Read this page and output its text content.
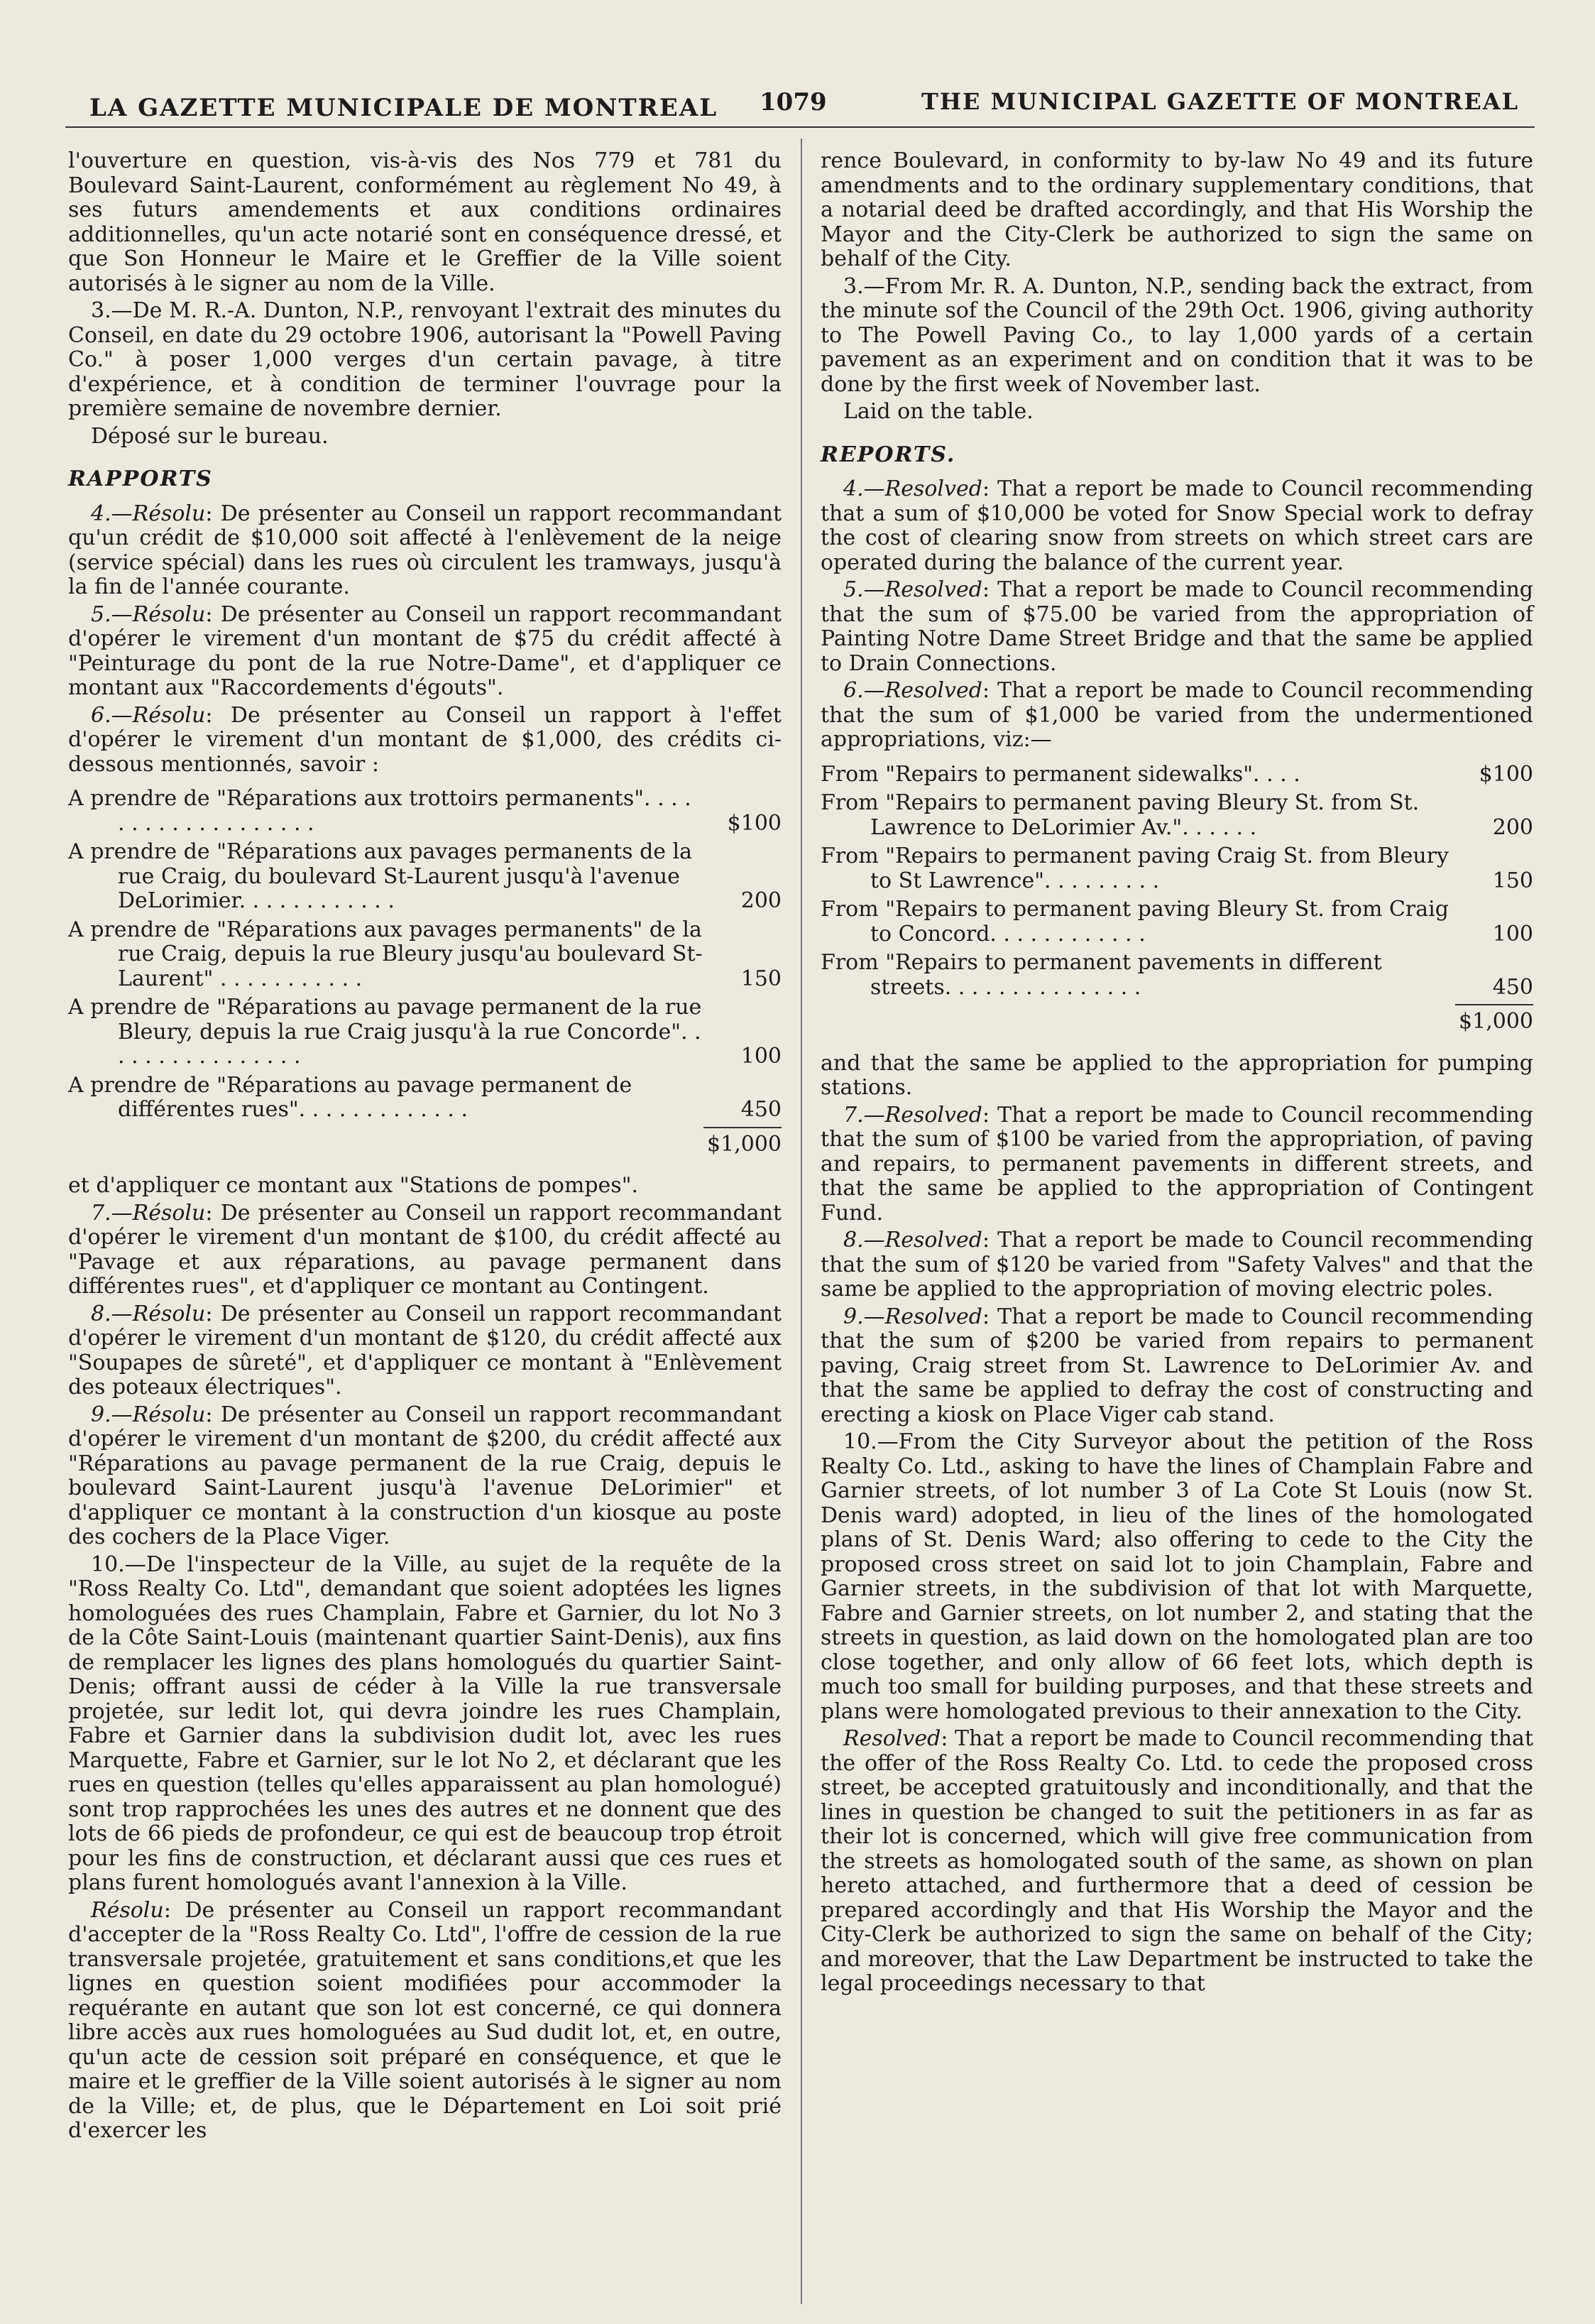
LA GAZETTE MUNICIPALE DE MONTREAL 1079	THE MUNICIPAL GAZETTE OF MONTREAL

l'ouverture en question, vis-à-vis des Nos 779 et 781 du Boulevard Saint-Laurent, conformément au règlement No 49, à ses futurs amendements et aux conditions ordinaires additionnelles, qu'un acte notarié sont en conséquence dressé, et que Son Honneur le Maire et le Greffier de la Ville soient autorisés à le signer au nom de la Ville.

3.—De M. R.-A. Dunton, N.P., renvoyant l'extrait des minutes du Conseil, en date du 29 octobre 1906, autorisant la "Powell Paving Co." à poser 1,000 verges d'un certain pavage, à titre d'expérience, et à condition de terminer l'ouvrage pour la première semaine de novembre dernier.

Déposé sur le bureau.

RAPPORTS

4.—Résolu: De présenter au Conseil un rapport recommandant qu'un crédit de $10,000 soit affecté à l'enlèvement de la neige (service spécial) dans les rues où circulent les tramways, jusqu'à la fin de l'année courante.

5.—Résolu: De présenter au Conseil un rapport recommandant d'opérer le virement d'un montant de $75 du crédit affecté à "Peinturage du pont de la rue Notre-Dame", et d'appliquer ce montant aux "Raccordements d'égouts".

6.—Résolu: De présenter au Conseil un rapport à l'effet d'opérer le virement d'un montant de $1,000, des crédits ci-dessous mentionnés, savoir :

A prendre de "Réparations aux trottoirs permanents". . . . . . . . . . . . . . . . . . .	$100
A prendre de "Réparations aux pavages permanents de la rue Craig, du boulevard St-Laurent jusqu'à l'avenue DeLorimier. . . . . . . . . . . .	200
A prendre de "Réparations aux pavages permanents" de la rue Craig, depuis la rue Bleury jusqu'au boulevard St-Laurent" . . . . . . . . . . .	150
A prendre de "Réparations au pavage permanent de la rue Bleury, depuis la rue Craig jusqu'à la rue Concorde". . . . . . . . . . . . . . . .	100
A prendre de "Réparations au pavage permanent de différentes rues". . . . . . . . . . . . .	450
$1,000

et d'appliquer ce montant aux "Stations de pompes".

7.—Résolu: De présenter au Conseil un rapport recommandant d'opérer le virement d'un montant de $100, du crédit affecté au "Pavage et aux réparations, au pavage permanent dans différentes rues", et d'appliquer ce montant au Contingent.

8.—Résolu: De présenter au Conseil un rapport recommandant d'opérer le virement d'un montant de $120, du crédit affecté aux "Soupapes de sûreté", et d'appliquer ce montant à "Enlèvement des poteaux électriques".

9.—Résolu: De présenter au Conseil un rapport recommandant d'opérer le virement d'un montant de $200, du crédit affecté aux "Réparations au pavage permanent de la rue Craig, depuis le boulevard Saint-Laurent jusqu'à l'avenue DeLorimier" et d'appliquer ce montant à la construction d'un kiosque au poste des cochers de la Place Viger.

10.—De l'inspecteur de la Ville, au sujet de la requête de la "Ross Realty Co. Ltd", demandant que soient adoptées les lignes homologuées des rues Champlain, Fabre et Garnier, du lot No 3 de la Côte Saint-Louis (maintenant quartier Saint-Denis), aux fins de remplacer les lignes des plans homologués du quartier Saint-Denis; offrant aussi de céder à la Ville la rue transversale projetée, sur ledit lot, qui devra joindre les rues Champlain, Fabre et Garnier dans la subdivision dudit lot, avec les rues Marquette, Fabre et Garnier, sur le lot No 2, et déclarant que les rues en question (telles qu'elles apparaissent au plan homologué) sont trop rapprochées les unes des autres et ne donnent que des lots de 66 pieds de profondeur, ce qui est de beaucoup trop étroit pour les fins de construction, et déclarant aussi que ces rues et plans furent homologués avant l'annexion à la Ville.

Résolu: De présenter au Conseil un rapport recommandant d'accepter de la "Ross Realty Co. Ltd", l'offre de cession de la rue transversale projetée, gratuitement et sans conditions,et que les lignes en question soient modifiées pour accommoder la requérante en autant que son lot est concerné, ce qui donnera libre accès aux rues homologuées au Sud dudit lot, et, en outre, qu'un acte de cession soit préparé en conséquence, et que le maire et le greffier de la Ville soient autorisés à le signer au nom de la Ville; et, de plus, que le Département en Loi soit prié d'exercer les

rence Boulevard, in conformity to by-law No 49 and its future amendments and to the ordinary supplementary conditions, that a notarial deed be drafted accordingly, and that His Worship the Mayor and the City-Clerk be authorized to sign the same on behalf of the City.

3.—From Mr. R. A. Dunton, N.P., sending back the extract, from the minute sof the Council of the 29th Oct. 1906, giving authority to The Powell Paving Co., to lay 1,000 yards of a certain pavement as an experiment and on condition that it was to be done by the first week of November last.

Laid on the table.

REPORTS.

4.—Resolved: That a report be made to Council recommending that a sum of $10,000 be voted for Snow Special work to defray the cost of clearing snow from streets on which street cars are operated during the balance of the current year.

5.—Resolved: That a report be made to Council recommending that the sum of $75.00 be varied from the appropriation of Painting Notre Dame Street Bridge and that the same be applied to Drain Connections.

6.—Resolved: That a report be made to Council recommending that the sum of $1,000 be varied from the undermentioned appropriations, viz:—

From "Repairs to permanent sidewalks". . . .	$100
From "Repairs to permanent paving Bleury St. from St. Lawrence to DeLorimier Av.". . . . . .	200
From "Repairs to permanent paving Craig St. from Bleury to St Lawrence". . . . . . . . .	150
From "Repairs to permanent paving Bleury St. from Craig to Concord. . . . . . . . . . . .	100
From "Repairs to permanent pavements in different streets. . . . . . . . . . . . . . .	450
$1,000

and that the same be applied to the appropriation for pumping stations.

7.—Resolved: That a report be made to Council recommending that the sum of $100 be varied from the appropriation, of paving and repairs, to permanent pavements in different streets, and that the same be applied to the appropriation of Contingent Fund.

8.—Resolved: That a report be made to Council recommending that the sum of $120 be varied from "Safety Valves" and that the same be applied to the appropriation of moving electric poles.

9.—Resolved: That a report be made to Council recommending that the sum of $200 be varied from repairs to permanent paving, Craig street from St. Lawrence to DeLorimier Av. and that the same be applied to defray the cost of constructing and erecting a kiosk on Place Viger cab stand.

10.—From the City Surveyor about the petition of the Ross Realty Co. Ltd., asking to have the lines of Champlain Fabre and Garnier streets, of lot number 3 of La Cote St Louis (now St. Denis ward) adopted, in lieu of the lines of the homologated plans of St. Denis Ward; also offering to cede to the City the proposed cross street on said lot to join Champlain, Fabre and Garnier streets, in the subdivision of that lot with Marquette, Fabre and Garnier streets, on lot number 2, and stating that the streets in question, as laid down on the homologated plan are too close together, and only allow of 66 feet lots, which depth is much too small for building purposes, and that these streets and plans were homologated previous to their annexation to the City.

Resolved: That a report be made to Council recommending that the offer of the Ross Realty Co. Ltd. to cede the proposed cross street, be accepted gratuitously and inconditionally, and that the lines in question be changed to suit the petitioners in as far as their lot is concerned, which will give free communication from the streets as homologated south of the same, as shown on plan hereto attached, and furthermore that a deed of cession be prepared accordingly and that His Worship the Mayor and the City-Clerk be authorized to sign the same on behalf of the City; and moreover, that the Law Department be instructed to take the legal proceedings necessary to that
